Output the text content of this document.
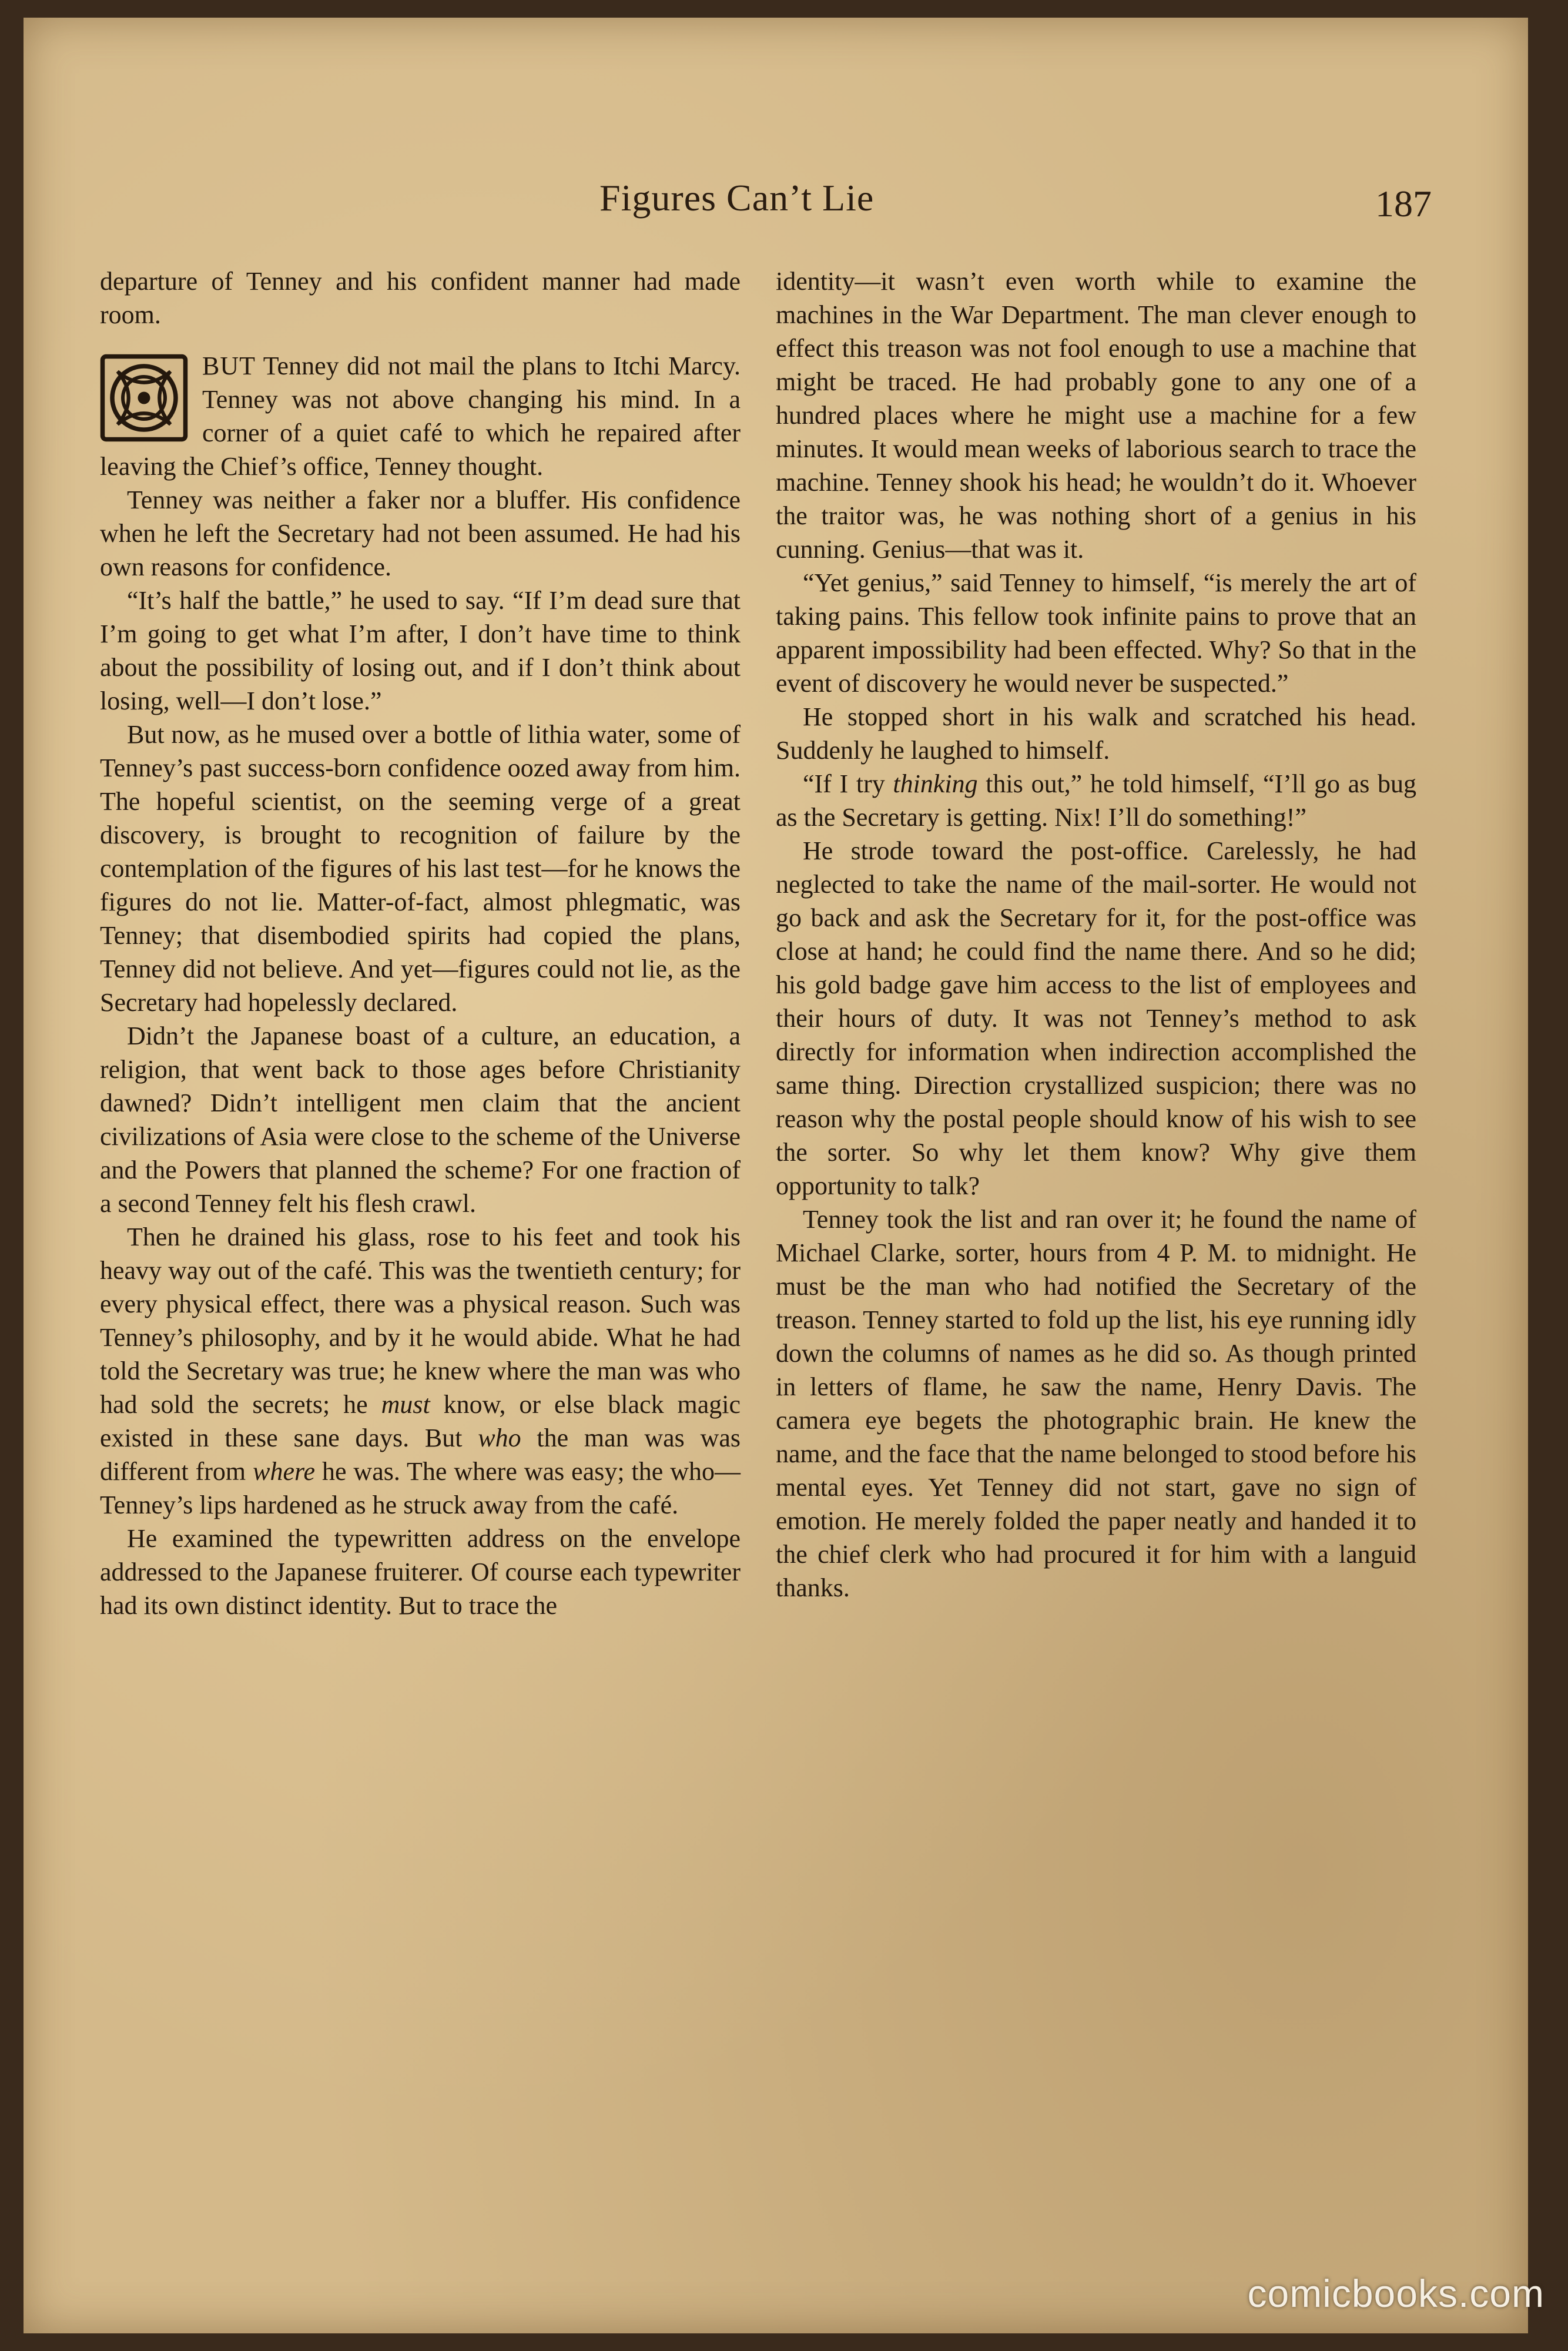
Figures Can’t Lie	187

departure of Tenney and his confident manner had made room.

BUT Tenney did not mail the plans to Itchi Marcy. Tenney was not above changing his mind. In a corner of a quiet café to which he repaired after leaving the Chief’s office, Tenney thought.

Tenney was neither a faker nor a bluffer. His confidence when he left the Secretary had not been assumed. He had his own reasons for confidence.

“It’s half the battle,” he used to say. “If I’m dead sure that I’m going to get what I’m after, I don’t have time to think about the possibility of losing out, and if I don’t think about losing, well—I don’t lose.”

But now, as he mused over a bottle of lithia water, some of Tenney’s past success-born confidence oozed away from him. The hopeful scientist, on the seeming verge of a great discovery, is brought to recognition of failure by the contemplation of the figures of his last test—for he knows the figures do not lie. Matter-of-fact, almost phlegmatic, was Tenney; that disembodied spirits had copied the plans, Tenney did not believe. And yet—figures could not lie, as the Secretary had hopelessly declared.

Didn’t the Japanese boast of a culture, an education, a religion, that went back to those ages before Christianity dawned? Didn’t intelligent men claim that the ancient civilizations of Asia were close to the scheme of the Universe and the Powers that planned the scheme? For one fraction of a second Tenney felt his flesh crawl.

Then he drained his glass, rose to his feet and took his heavy way out of the café. This was the twentieth century; for every physical effect, there was a physical reason. Such was Tenney’s philosophy, and by it he would abide. What he had told the Secretary was true; he knew where the man was who had sold the secrets; he must know, or else black magic existed in these sane days. But who the man was was different from where he was. The where was easy; the who—Tenney’s lips hardened as he struck away from the café.

He examined the typewritten address on the envelope addressed to the Japanese fruiterer. Of course each typewriter had its own distinct identity. But to trace the

identity—it wasn’t even worth while to examine the machines in the War Department. The man clever enough to effect this treason was not fool enough to use a machine that might be traced. He had probably gone to any one of a hundred places where he might use a machine for a few minutes. It would mean weeks of laborious search to trace the machine. Tenney shook his head; he wouldn’t do it. Whoever the traitor was, he was nothing short of a genius in his cunning. Genius—that was it.

“Yet genius,” said Tenney to himself, “is merely the art of taking pains. This fellow took infinite pains to prove that an apparent impossibility had been effected. Why? So that in the event of discovery he would never be suspected.”

He stopped short in his walk and scratched his head. Suddenly he laughed to himself.

“If I try thinking this out,” he told himself, “I’ll go as bug as the Secretary is getting. Nix! I’ll do something!”

He strode toward the post-office. Carelessly, he had neglected to take the name of the mail-sorter. He would not go back and ask the Secretary for it, for the post-office was close at hand; he could find the name there. And so he did; his gold badge gave him access to the list of employees and their hours of duty. It was not Tenney’s method to ask directly for information when indirection accomplished the same thing. Direction crystallized suspicion; there was no reason why the postal people should know of his wish to see the sorter. So why let them know? Why give them opportunity to talk?

Tenney took the list and ran over it; he found the name of Michael Clarke, sorter, hours from 4 P. M. to midnight. He must be the man who had notified the Secretary of the treason. Tenney started to fold up the list, his eye running idly down the columns of names as he did so. As though printed in letters of flame, he saw the name, Henry Davis. The camera eye begets the photographic brain. He knew the name, and the face that the name belonged to stood before his mental eyes. Yet Tenney did not start, gave no sign of emotion. He merely folded the paper neatly and handed it to the chief clerk who had procured it for him with a languid thanks.

comicbooks.com
